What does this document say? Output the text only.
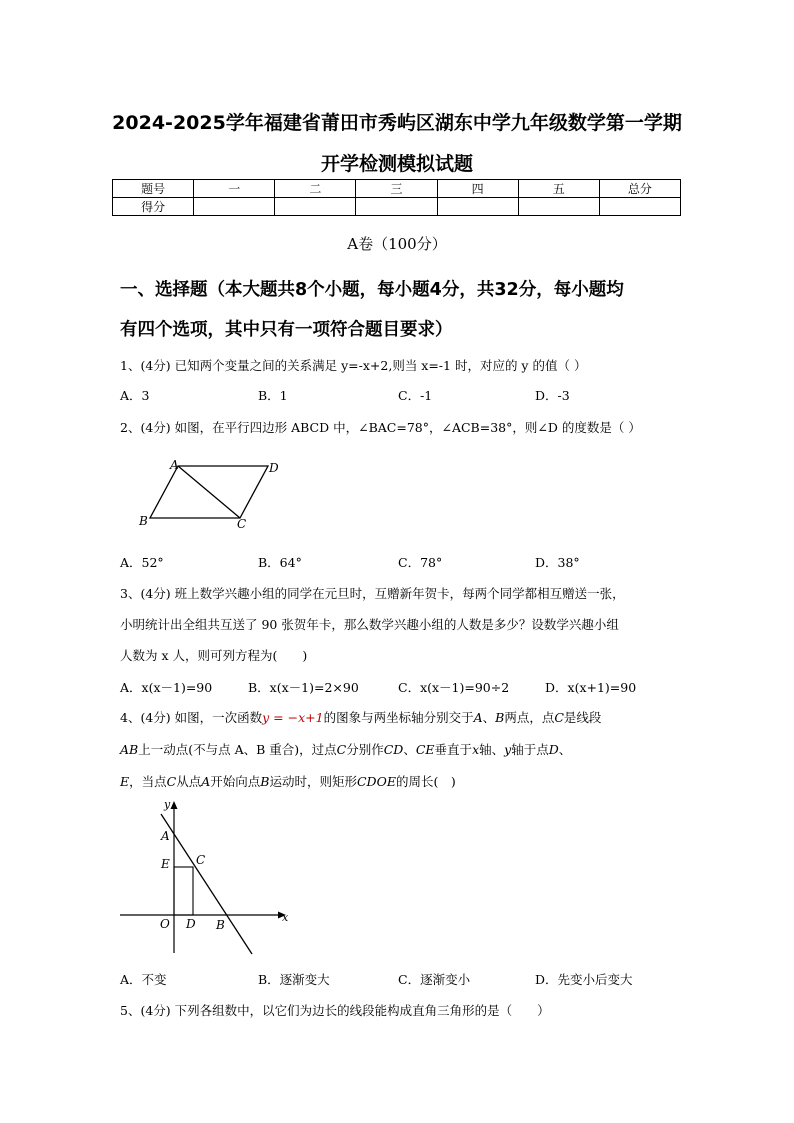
2024-2025学年福建省莆田市秀屿区湖东中学九年级数学第一学期
开学检测模拟试题
题号	一	二	三	四	五	总分
得分						
A卷（100分）
一、选择题（本大题共8个小题，每小题4分，共32分，每小题均
有四个选项，其中只有一项符合题目要求）
1、(4分) 已知两个变量之间的关系满足 y=-x+2,则当 x=-1 时，对应的 y 的值（ ）
A．3	B．1	C．-1	D．-3
2、(4分) 如图，在平行四边形 ABCD 中，∠BAC=78°，∠ACB=38°，则∠D 的度数是（ ）
A	D
B	C
A．52°	B．64°	C．78°	D．38°
3、(4分) 班上数学兴趣小组的同学在元旦时，互赠新年贺卡，每两个同学都相互赠送一张，
小明统计出全组共互送了 90 张贺年卡，那么数学兴趣小组的人数是多少？设数学兴趣小组
人数为 x 人，则可列方程为(　　)
A．x(x－1)=90	B．x(x－1)=2×90	C．x(x－1)=90÷2	D．x(x+1)=90
4、(4分) 如图，一次函数y = −x+1的图象与两坐标轴分别交于A、B两点，点C是线段
AB上一动点(不与点 A、B 重合)，过点C分别作CD、CE垂直于x轴、y轴于点D、
E，当点C从点A开始向点B运动时，则矩形CDOE的周长(　)
y
A
E C
O D B
x
A．不变	B．逐渐变大	C．逐渐变小	D．先变小后变大
5、(4分) 下列各组数中，以它们为边长的线段能构成直角三角形的是（　　）
